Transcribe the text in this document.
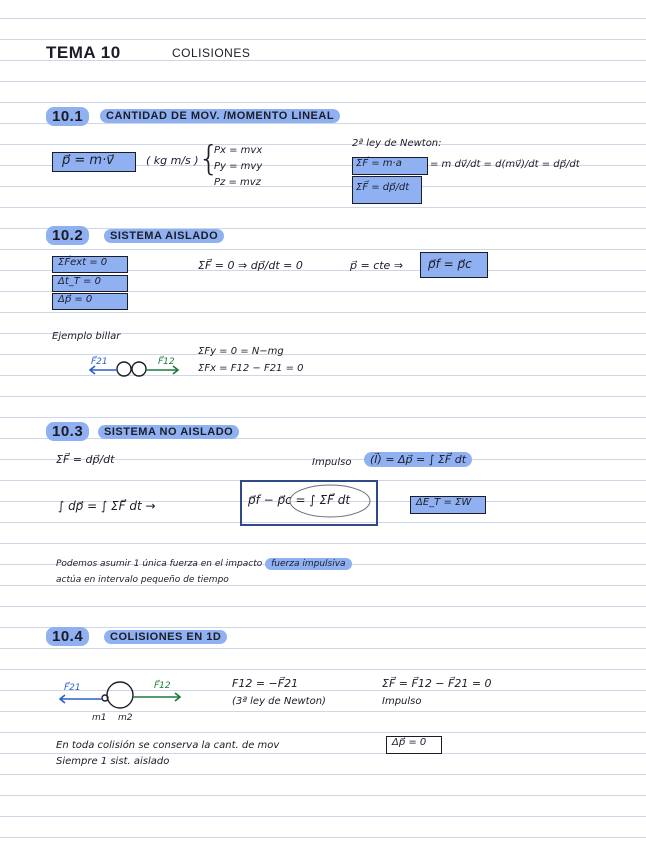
TEMA 10	COLISIONES
10.1	CANTIDAD DE MOV. /MOMENTO LINEAL
p⃗ = m·v⃗	( kg m/s ) {
Px = mvx
Py = mvy
Pz = mvz
2ª ley de Newton:
ΣF⃗ = m·a	= m dv⃗/dt = d(mv⃗)/dt = dp⃗/dt
ΣF⃗ = dp⃗/dt
10.2	SISTEMA AISLADO
ΣF⃗ext = 0
Δt_T = 0
Δp⃗ = 0
ΣF⃗ = 0 ⇒ dp⃗/dt = 0	p⃗ = cte ⇒ p⃗f = p⃗c
Ejemplo billar
F⃗21	F⃗12
ΣFy = 0 = N−mg
ΣFx = F12 − F21 = 0
10.3	SISTEMA NO AISLADO
ΣF⃗ = dp⃗/dt	Impulso	(I⃗) = Δp⃗ = ∫ ΣF⃗ dt
∫ dp⃗ = ∫ ΣF⃗ dt →	p⃗f − p⃗c = ∫ ΣF⃗ dt	ΔE_T = ΣW
Podemos asumir 1 única fuerza en el impacto fuerza impulsiva
actúa en intervalo pequeño de tiempo
10.4	COLISIONES EN 1D
F⃗21	F⃗12
m1 m2
F12 = −F⃗21
(3ª ley de Newton)
ΣF⃗ = F⃗12 − F⃗21 = 0
Impulso
En toda colisión se conserva la cant. de mov	Δp⃗ = 0
Siempre 1 sist. aislado
